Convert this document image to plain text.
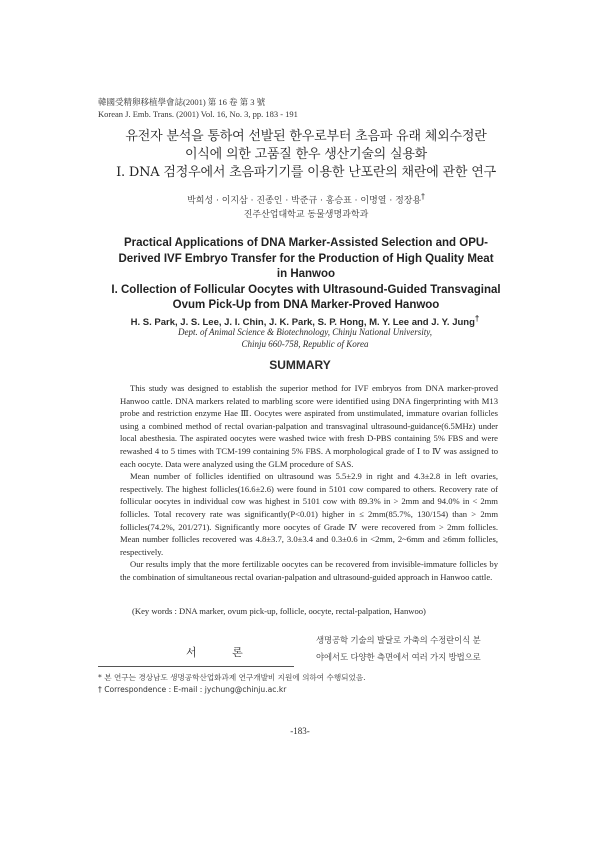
韓國受精卵移植學會誌(2001) 第 16 卷 第 3 號
Korean J. Emb. Trans. (2001) Vol. 16, No. 3, pp. 183 - 191
유전자 분석을 통하여 선발된 한우로부터 초음파 유래 체외수정란
이식에 의한 고품질 한우 생산기술의 실용화
I. DNA 검정우에서 초음파기기를 이용한 난포란의 채란에 관한 연구
박희성 · 이지삼 · 진종인 · 박준규 · 홍승표 · 이명열 · 정장용†
진주산업대학교 동물생명과학과
Practical Applications of DNA Marker-Assisted Selection and OPU-
Derived IVF Embryo Transfer for the Production of High Quality Meat
in Hanwoo
I. Collection of Follicular Oocytes with Ultrasound-Guided Transvaginal
Ovum Pick-Up from DNA Marker-Proved Hanwoo
H. S. Park, J. S. Lee, J. I. Chin, J. K. Park, S. P. Hong, M. Y. Lee and J. Y. Jung†
Dept. of Animal Science & Biotechnology, Chinju National University,
Chinju 660-758, Republic of Korea
SUMMARY

This study was designed to establish the superior method for IVF embryos from DNA marker-proved Hanwoo cattle. DNA markers related to marbling score were identified using DNA fingerprinting with M13 probe and restriction enzyme Hae Ⅲ. Oocytes were aspirated from unstimulated, immature ovarian follicles using a combined method of rectal ovarian-palpation and transvaginal ultrasound-guidance(6.5MHz) under local abesthesia. The aspirated oocytes were washed twice with fresh D-PBS containing 5% FBS and were rewashed 4 to 5 times with TCM-199 containing 5% FBS. A morphological grade of Ⅰ to Ⅳ was assigned to each oocyte. Data were analyzed using the GLM procedure of SAS.

Mean number of follicles identified on ultrasound was 5.5±2.9 in right and 4.3±2.8 in left ovaries, respectively. The highest follicles(16.6±2.6) were found in 5101 cow compared to others. Recovery rate of follicular oocytes in individual cow was highest in 5101 cow with 89.3% in > 2mm and 94.0% in < 2mm follicles. Total recovery rate was significantly(P<0.01) higher in ≤ 2mm(85.7%, 130/154) than > 2mm follicles(74.2%, 201/271). Significantly more oocytes of Grade Ⅳ were recovered from > 2mm follicles. Mean number follicles recovered was 4.8±3.7, 3.0±3.4 and 0.3±0.6 in <2mm, 2~6mm and ≥6mm follicles, respectively.

Our results imply that the more fertilizable oocytes can be recovered from invisible-immature follicles by the combination of simultaneous rectal ovarian-palpation and ultrasound-guided approach in Hanwoo cattle.

(Key words : DNA marker, ovum pick-up, follicle, oocyte, rectal-palpation, Hanwoo)
서 론
생명공학 기술의 발달로 가축의 수정란이식 분
야에서도 다양한 측면에서 여러 가지 방법으로
* 본 연구는 경상남도 생명공학산업화과제 연구개발비 지원에 의하여 수행되었음.
† Correspondence : E-mail : jychung@chinju.ac.kr
-183-
